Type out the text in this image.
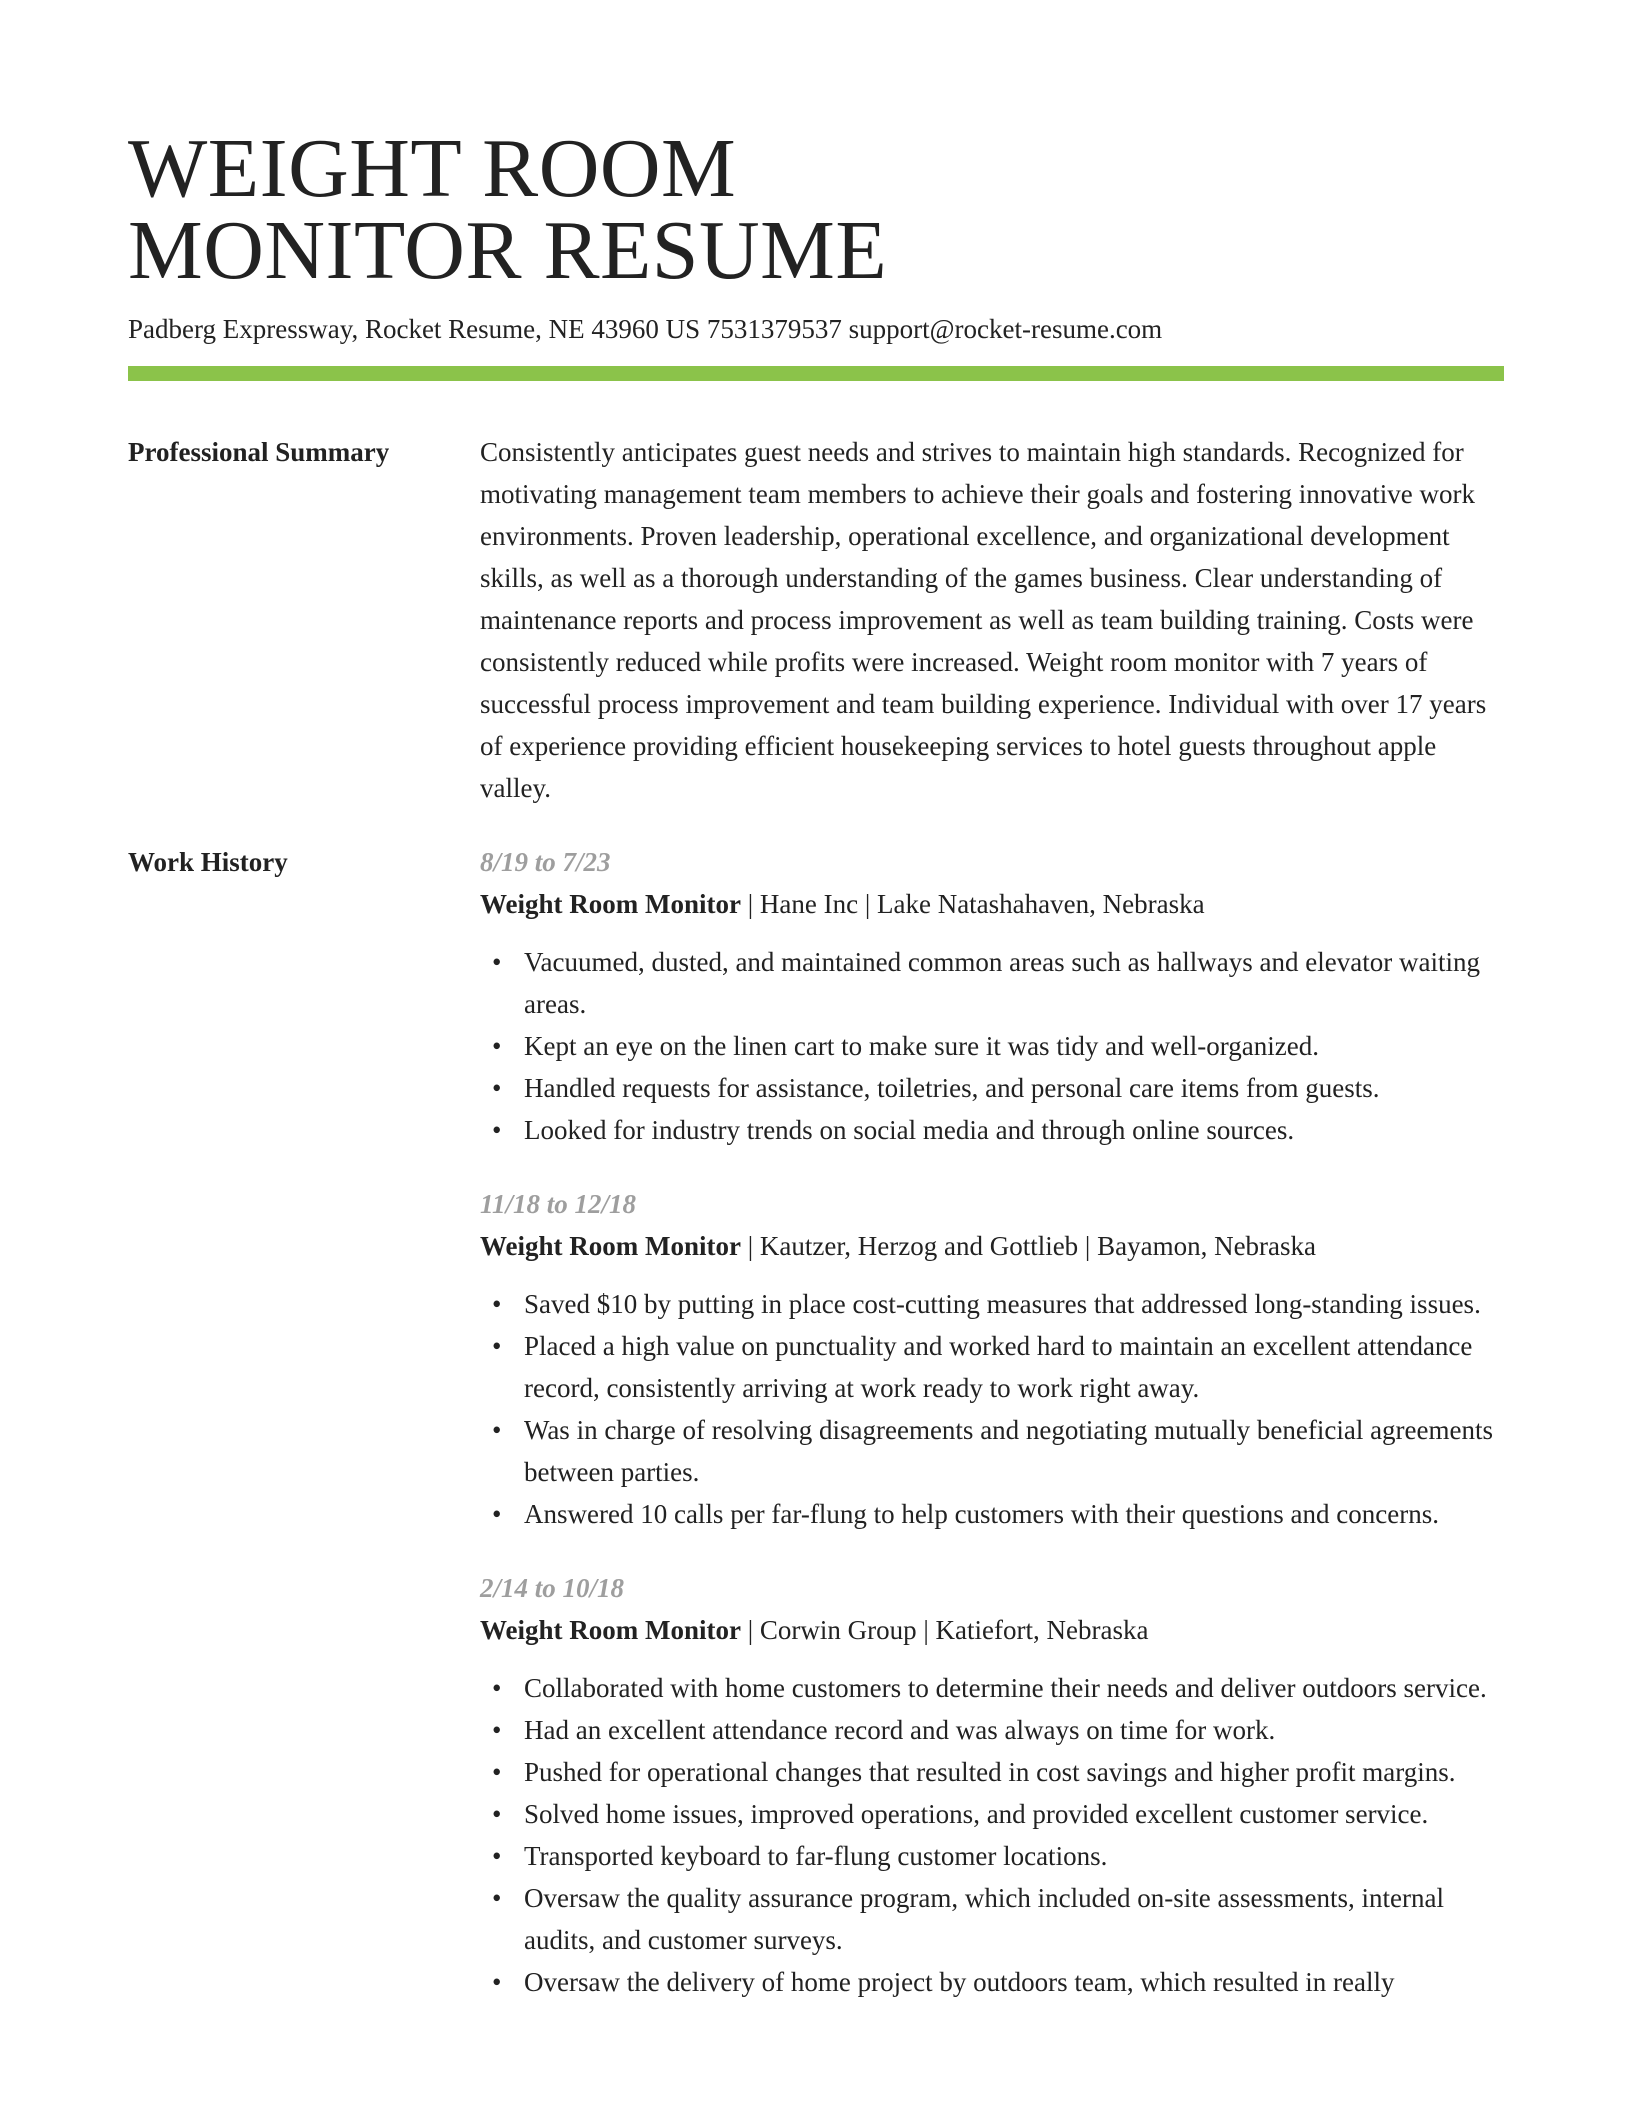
WEIGHT ROOM
MONITOR RESUME
Padberg Expressway, Rocket Resume, NE 43960 US 7531379537 support@rocket-resume.com
Professional Summary	Consistently anticipates guest needs and strives to maintain high standards. Recognized for motivating management team members to achieve their goals and fostering innovative work environments. Proven leadership, operational excellence, and organizational development skills, as well as a thorough understanding of the games business. Clear understanding of maintenance reports and process improvement as well as team building training. Costs were consistently reduced while profits were increased. Weight room monitor with 7 years of successful process improvement and team building experience. Individual with over 17 years of experience providing efficient housekeeping services to hotel guests throughout apple valley.
Work History	8/19 to 7/23
Weight Room Monitor | Hane Inc | Lake Natashahaven, Nebraska
• Vacuumed, dusted, and maintained common areas such as hallways and elevator waiting areas.
• Kept an eye on the linen cart to make sure it was tidy and well-organized.
• Handled requests for assistance, toiletries, and personal care items from guests.
• Looked for industry trends on social media and through online sources.
11/18 to 12/18
Weight Room Monitor | Kautzer, Herzog and Gottlieb | Bayamon, Nebraska
• Saved $10 by putting in place cost-cutting measures that addressed long-standing issues.
• Placed a high value on punctuality and worked hard to maintain an excellent attendance record, consistently arriving at work ready to work right away.
• Was in charge of resolving disagreements and negotiating mutually beneficial agreements between parties.
• Answered 10 calls per far-flung to help customers with their questions and concerns.
2/14 to 10/18
Weight Room Monitor | Corwin Group | Katiefort, Nebraska
• Collaborated with home customers to determine their needs and deliver outdoors service.
• Had an excellent attendance record and was always on time for work.
• Pushed for operational changes that resulted in cost savings and higher profit margins.
• Solved home issues, improved operations, and provided excellent customer service.
• Transported keyboard to far-flung customer locations.
• Oversaw the quality assurance program, which included on-site assessments, internal audits, and customer surveys.
• Oversaw the delivery of home project by outdoors team, which resulted in really
